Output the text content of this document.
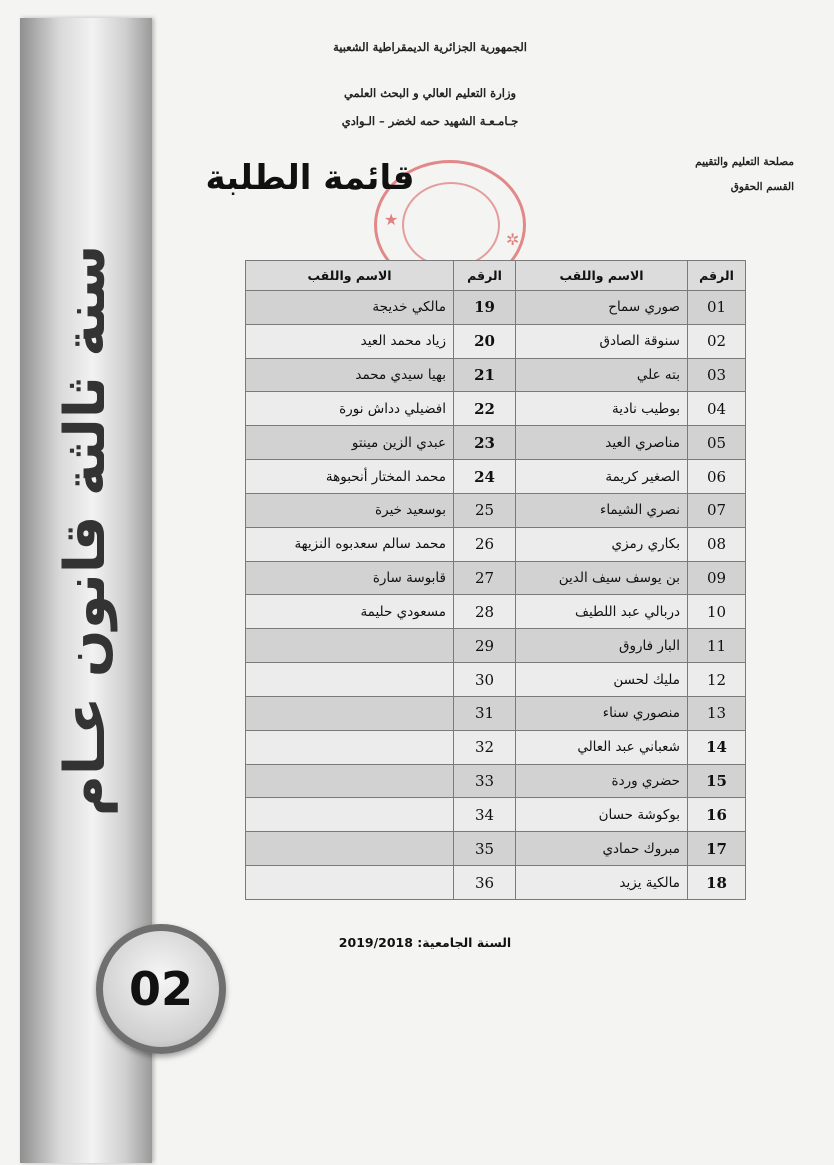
سنة ثالثة قانون عـام
02
الجمهورية الجزائرية الديمقراطية الشعبية
وزارة التعليم العالي و البحث العلمي
جـامـعـة الشهيد حمه لخضر – الـوادي
مصلحة التعليم والتقييم
القسم الحقوق
★
✲
قائمة الطلبة
الرقم	الاسم واللقب	الرقم	الاسم واللقب
01	صوري سماح	19	مالكي خديجة
02	سنوقة الصادق	20	زياد محمد العيد
03	بته علي	21	بهيا سيدي محمد
04	بوطيب نادية	22	افضيلي دداش نورة
05	مناصري العيد	23	عبدي الزين مينتو
06	الصغير كريمة	24	محمد المختار أنحبوهة
07	نصري الشيماء	25	بوسعيد خيرة
08	بكاري رمزي	26	محمد سالم سعدبوه النزيهة
09	بن يوسف سيف الدين	27	قابوسة سارة
10	دربالي عبد اللطيف	28	مسعودي حليمة
11	البار فاروق	29	
12	مليك لحسن	30	
13	منصوري سناء	31	
14	شعباني عبد العالي	32	
15	حضري وردة	33	
16	بوكوشة حسان	34	
17	مبروك حمادي	35	
18	مالكية يزيد	36	
السنة الجامعية: 2019/2018
